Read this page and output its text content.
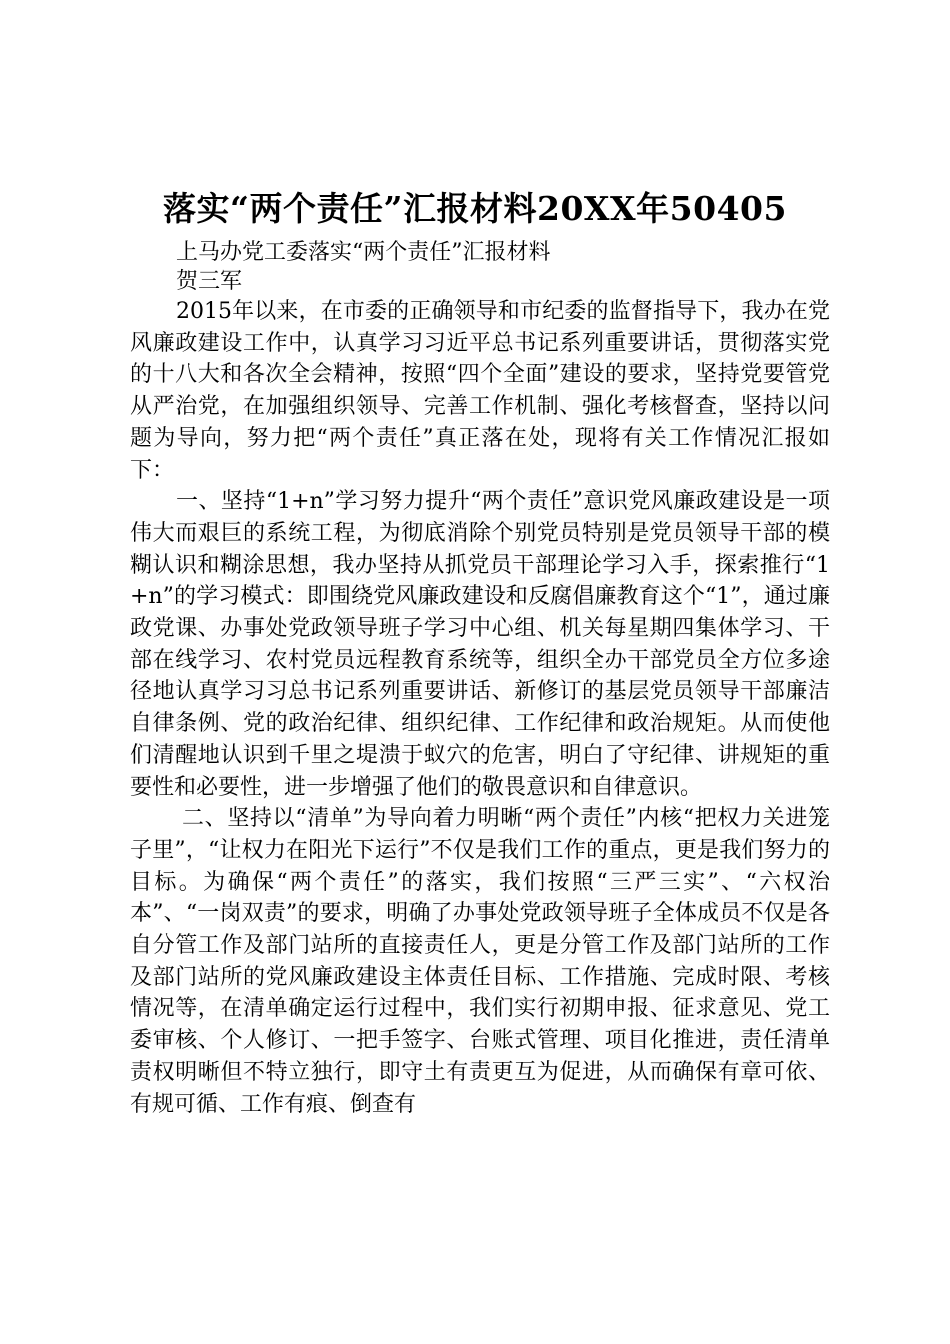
落实“两个责任”汇报材料20XX年50405

上马办党工委落实“两个责任”汇报材料

贺三军

2015年以来，在市委的正确领导和市纪委的监督指导下，我办在党风廉政建设工作中，认真学习习近平总书记系列重要讲话，贯彻落实党的十八大和各次全会精神，按照“四个全面”建设的要求，坚持党要管党从严治党，在加强组织领导、完善工作机制、强化考核督查，坚持以问题为导向，努力把“两个责任”真正落在处，现将有关工作情况汇报如下：

一、坚持“1+n”学习努力提升“两个责任”意识党风廉政建设是一项伟大而艰巨的系统工程，为彻底消除个别党员特别是党员领导干部的模糊认识和糊涂思想，我办坚持从抓党员干部理论学习入手，探索推行“1+n”的学习模式：即围绕党风廉政建设和反腐倡廉教育这个“1”，通过廉政党课、办事处党政领导班子学习中心组、机关每星期四集体学习、干部在线学习、农村党员远程教育系统等，组织全办干部党员全方位多途径地认真学习习总书记系列重要讲话、新修订的基层党员领导干部廉洁自律条例、党的政治纪律、组织纪律、工作纪律和政治规矩。从而使他们清醒地认识到千里之堤溃于蚁穴的危害，明白了守纪律、讲规矩的重要性和必要性，进一步增强了他们的敬畏意识和自律意识。

二、坚持以“清单”为导向着力明晰“两个责任”内核“把权力关进笼子里”，“让权力在阳光下运行”不仅是我们工作的重点，更是我们努力的目标。为确保“两个责任”的落实，我们按照“三严三实”、“六权治本”、“一岗双责”的要求，明确了办事处党政领导班子全体成员不仅是各自分管工作及部门站所的直接责任人，更是分管工作及部门站所的工作及部门站所的党风廉政建设主体责任目标、工作措施、完成时限、考核情况等，在清单确定运行过程中，我们实行初期申报、征求意见、党工委审核、个人修订、一把手签字、台账式管理、项目化推进，责任清单责权明晰但不特立独行，即守土有责更互为促进，从而确保有章可依、有规可循、工作有痕、倒查有
